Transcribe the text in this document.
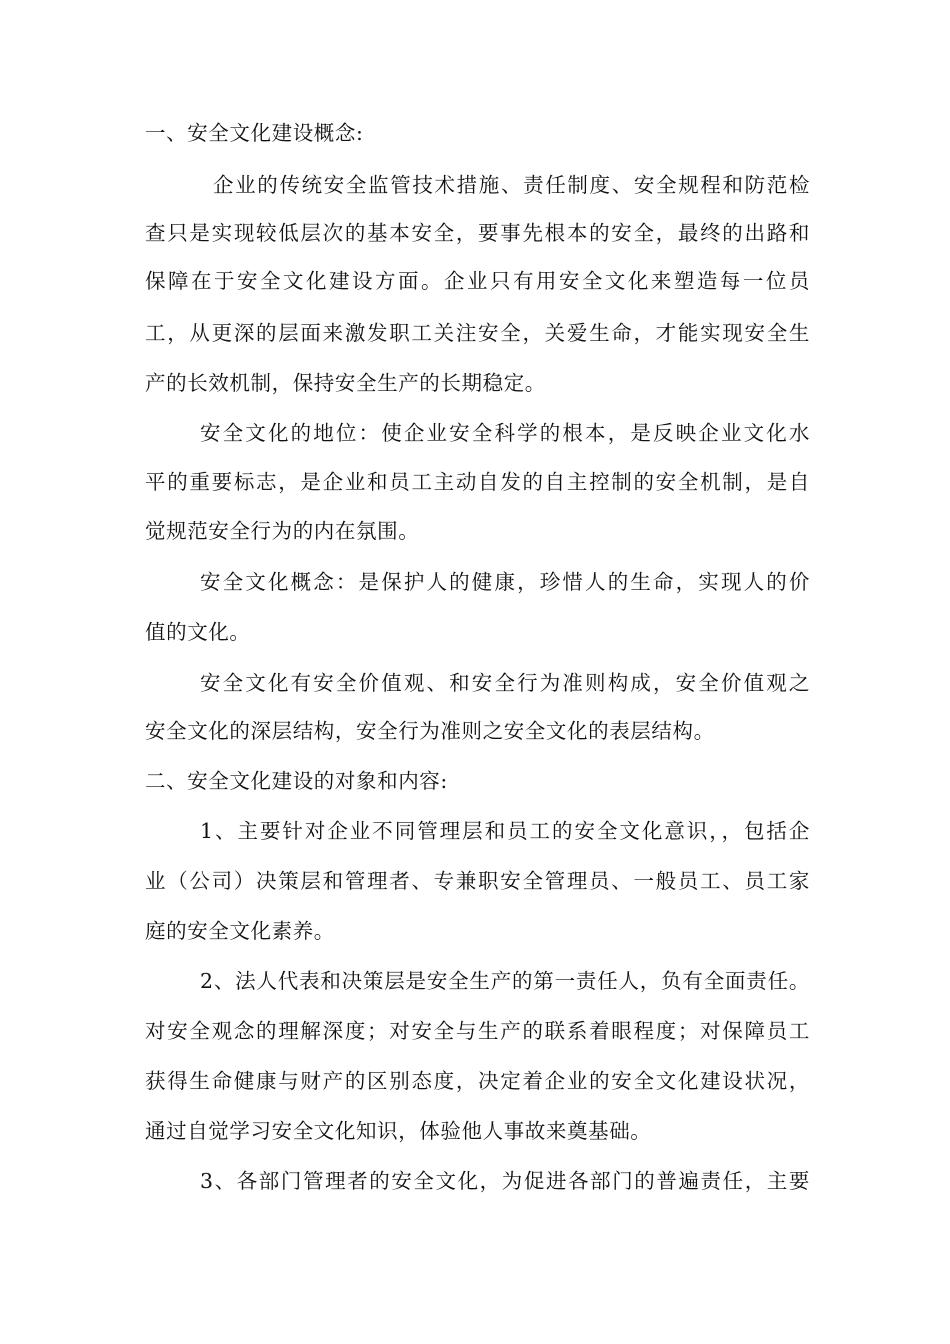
一、安全文化建设概念:
企业的传统安全监管技术措施、责任制度、安全规程和防范检
查只是实现较低层次的基本安全，要事先根本的安全，最终的出路和
保障在于安全文化建设方面。企业只有用安全文化来塑造每一位员
工，从更深的层面来激发职工关注安全，关爱生命，才能实现安全生
产的长效机制，保持安全生产的长期稳定。
安全文化的地位：使企业安全科学的根本，是反映企业文化水
平的重要标志，是企业和员工主动自发的自主控制的安全机制，是自
觉规范安全行为的内在氛围。
安全文化概念：是保护人的健康，珍惜人的生命，实现人的价
值的文化。
安全文化有安全价值观、和安全行为准则构成，安全价值观之
安全文化的深层结构，安全行为准则之安全文化的表层结构。
二、安全文化建设的对象和内容:
1、主要针对企业不同管理层和员工的安全文化意识，，包括企
业（公司）决策层和管理者、专兼职安全管理员、一般员工、员工家
庭的安全文化素养。
2、法人代表和决策层是安全生产的第一责任人，负有全面责任。
对安全观念的理解深度；对安全与生产的联系着眼程度；对保障员工
获得生命健康与财产的区别态度，决定着企业的安全文化建设状况，
通过自觉学习安全文化知识，体验他人事故来奠基础。
3、各部门管理者的安全文化，为促进各部门的普遍责任，主要
